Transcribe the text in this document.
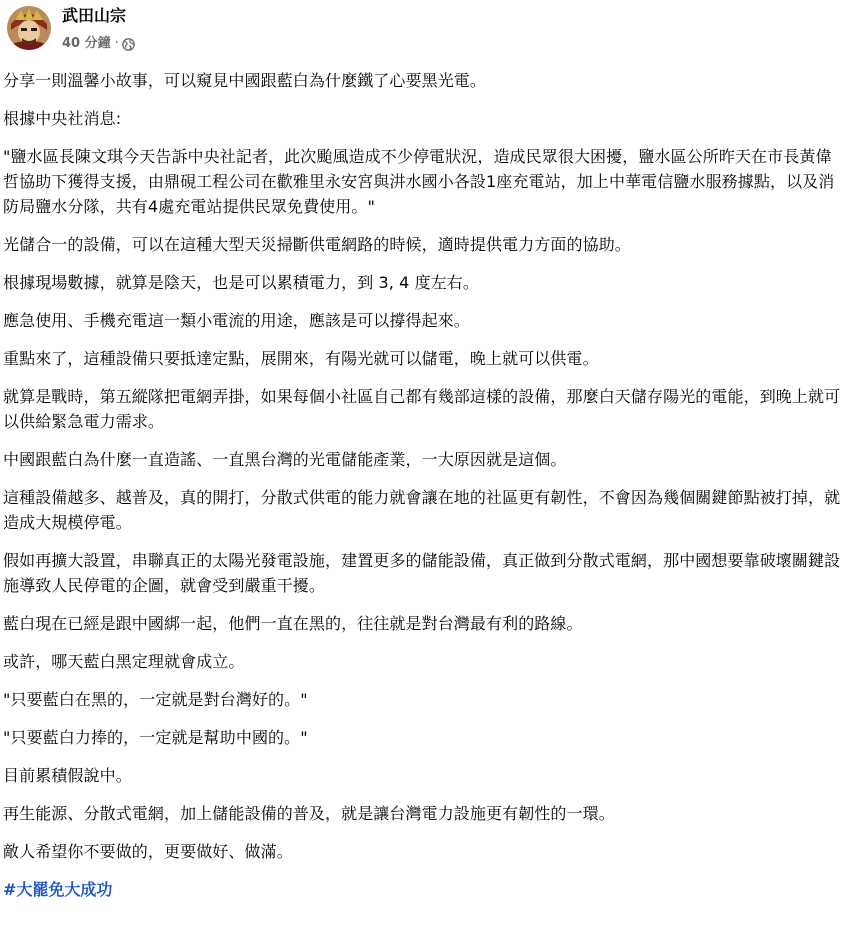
武田山宗
40 分鐘 ·

分享一則溫馨小故事，可以窺見中國跟藍白為什麼鐵了心要黑光電。

根據中央社消息:

"鹽水區長陳文琪今天告訴中央社記者，此次颱風造成不少停電狀況，造成民眾很大困擾，鹽水區公所昨天在市長黃偉哲協助下獲得支援，由鼎硯工程公司在歡雅里永安宮與汫水國小各設1座充電站，加上中華電信鹽水服務據點，以及消防局鹽水分隊，共有4處充電站提供民眾免費使用。"

光儲合一的設備，可以在這種大型天災掃斷供電網路的時候，適時提供電力方面的協助。

根據現場數據，就算是陰天，也是可以累積電力，到 3, 4 度左右。

應急使用、手機充電這一類小電流的用途，應該是可以撐得起來。

重點來了，這種設備只要抵達定點，展開來，有陽光就可以儲電，晚上就可以供電。

就算是戰時，第五縱隊把電網弄掛，如果每個小社區自己都有幾部這樣的設備，那麼白天儲存陽光的電能，到晚上就可以供給緊急電力需求。

中國跟藍白為什麼一直造謠、一直黑台灣的光電儲能產業，一大原因就是這個。

這種設備越多、越普及，真的開打，分散式供電的能力就會讓在地的社區更有韌性，不會因為幾個關鍵節點被打掉，就造成大規模停電。

假如再擴大設置，串聯真正的太陽光發電設施，建置更多的儲能設備，真正做到分散式電網，那中國想要靠破壞關鍵設施導致人民停電的企圖，就會受到嚴重干擾。

藍白現在已經是跟中國綁一起，他們一直在黑的，往往就是對台灣最有利的路線。

或許，哪天藍白黑定理就會成立。

"只要藍白在黑的，一定就是對台灣好的。"

"只要藍白力捧的，一定就是幫助中國的。"

目前累積假說中。

再生能源、分散式電網，加上儲能設備的普及，就是讓台灣電力設施更有韌性的一環。

敵人希望你不要做的，更要做好、做滿。

#大罷免大成功
